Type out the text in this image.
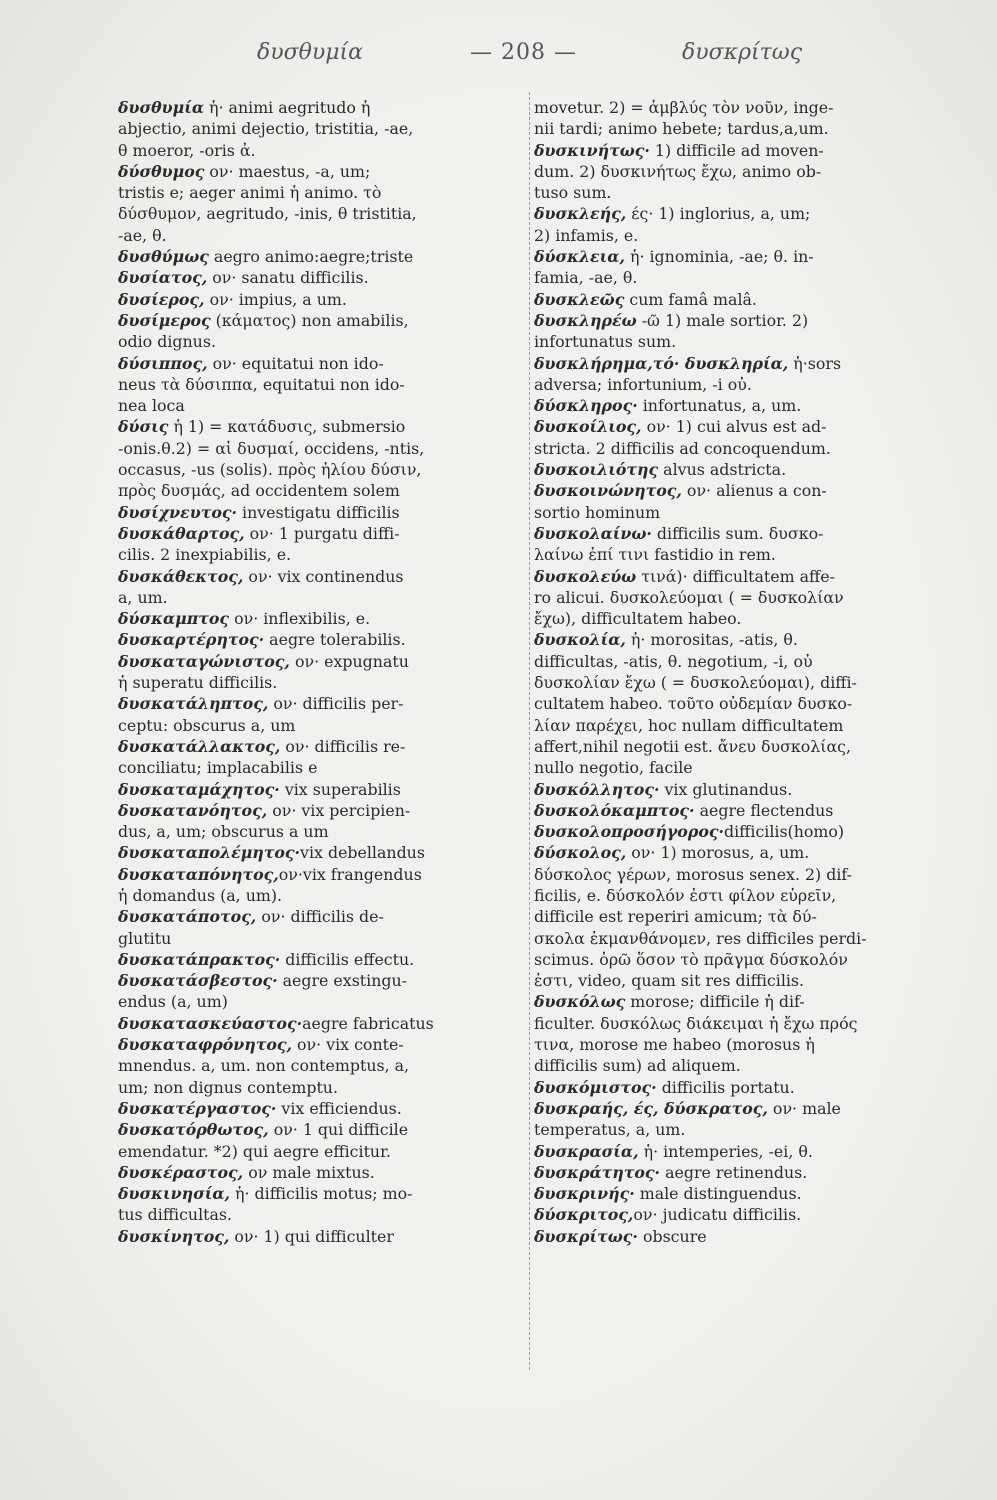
δυσθυμία	— 208 —	δυσκρίτως
δυσθυμία ἡ· animi aegritudo ἡ
abjectio, animi dejectio, tristitia, -ae,
θ moeror, -oris ἀ.
δύσθυμος ον· maestus, -a, um;
tristis e; aeger animi ἡ animo. τὸ
δύσθυμον, aegritudo, -inis, θ tristitia,
-ae, θ.
δυσθύμως aegro animo:aegre;triste
δυσίατος, ον· sanatu difficilis.
δυσίερος, ον· impius, a um.
δυσίμερος (κάματος) non amabilis,
odio dignus.
δύσιππος, ον· equitatui non ido-
neus τὰ δύσιππα, equitatui non ido-
nea loca
δύσις ἡ 1) = κατάδυσις, submersio
-onis.θ.2) = αἱ δυσμαί, occidens, -ntis,
occasus, -us (solis). πρὸς ἡλίου δύσιν,
πρὸς δυσμάς, ad occidentem solem
δυσίχνευτος· investigatu difficilis
δυσκάθαρτος, ον· 1 purgatu diffi-
cilis. 2 inexpiabilis, e.
δυσκάθεκτος, ον· vix continendus
a, um.
δύσκαμπτος ον· inflexibilis, e.
δυσκαρτέρητος· aegre tolerabilis.
δυσκαταγώνιστος, ον· expugnatu
ἡ superatu difficilis.
δυσκατάληπτος, ον· difficilis per-
ceptu: obscurus a, um
δυσκατάλλακτος, ον· difficilis re-
conciliatu; implacabilis e
δυσκαταμάχητος· vix superabilis
δυσκατανόητος, ον· vix percipien-
dus, a, um; obscurus a um
δυσκαταπολέμητος·vix debellandus
δυσκαταπόνητος,ον·vix frangendus
ἡ domandus (a, um).
δυσκατάποτος, ον· difficilis de-
glutitu
δυσκατάπρακτος· difficilis effectu.
δυσκατάσβεστος· aegre exstingu-
endus (a, um)
δυσκατασκεύαστος·aegre fabricatus
δυσκαταφρόνητος, ον· vix conte-
mnendus. a, um. non contemptus, a,
um; non dignus contemptu.
δυσκατέργαστος· vix efficiendus.
δυσκατόρθωτος, ον· 1 qui difficile
emendatur. *2) qui aegre efficitur.
δυσκέραστος, ον male mixtus.
δυσκινησία, ἡ· difficilis motus; mo-
tus difficultas.
δυσκίνητος, ον· 1) qui difficulter
movetur. 2) = ἀμβλύς τὸν νοῦν, inge-
nii tardi; animo hebete; tardus,a,um.
δυσκινήτως· 1) difficile ad moven-
dum. 2) δυσκινήτως ἔχω, animo ob-
tuso sum.
δυσκλεής, ές· 1) inglorius, a, um;
2) infamis, e.
δύσκλεια, ἡ· ignominia, -ae; θ. in-
famia, -ae, θ.
δυσκλεῶς cum famâ malâ.
δυσκληρέω -ῶ 1) male sortior. 2)
infortunatus sum.
δυσκλήρημα,τό· δυσκληρία, ἡ·sors
adversa; infortunium, -i οὐ.
δύσκληρος· infortunatus, a, um.
δυσκοίλιος, ον· 1) cui alvus est ad-
stricta. 2 difficilis ad concoquendum.
δυσκοιλιότης alvus adstricta.
δυσκοινώνητος, ον· alienus a con-
sortio hominum
δυσκολαίνω· difficilis sum. δυσκο-
λαίνω ἐπί τινι fastidio in rem.
δυσκολεύω τινά)· difficultatem affe-
ro alicui. δυσκολεύομαι ( = δυσκολίαν
ἔχω), difficultatem habeo.
δυσκολία, ἡ· morositas, -atis, θ.
difficultas, -atis, θ. negotium, -i, οὐ
δυσκολίαν ἔχω ( = δυσκολεύομαι), diffi-
cultatem habeo. τοῦτο οὐδεμίαν δυσκο-
λίαν παρέχει, hoc nullam difficultatem
affert,nihil negotii est. ἄνευ δυσκολίας,
nullo negotio, facile
δυσκόλλητος· vix glutinandus.
δυσκολόκαμπτος· aegre flectendus
δυσκολοπροσήγορος·difficilis(homo)
δύσκολος, ον· 1) morosus, a, um.
δύσκολος γέρων, morosus senex. 2) dif-
ficilis, e. δύσκολόν ἐστι φίλον εὑρεῖν,
difficile est reperiri amicum; τὰ δύ-
σκολα ἐκμανθάνομεν, res difficiles perdi-
scimus. ὁρῶ ὅσον τὸ πρᾶγμα δύσκολόν
ἐστι, video, quam sit res difficilis.
δυσκόλως morose; difficile ἡ dif-
ficulter. δυσκόλως διάκειμαι ἡ ἔχω πρός
τινα, morose me habeo (morosus ἡ
difficilis sum) ad aliquem.
δυσκόμιστος· difficilis portatu.
δυσκραής, ές, δύσκρατος, ον· male
temperatus, a, um.
δυσκρασία, ἡ· intemperies, -ei, θ.
δυσκράτητος· aegre retinendus.
δυσκρινής· male distinguendus.
δύσκριτος,ον· judicatu difficilis.
δυσκρίτως· obscure
